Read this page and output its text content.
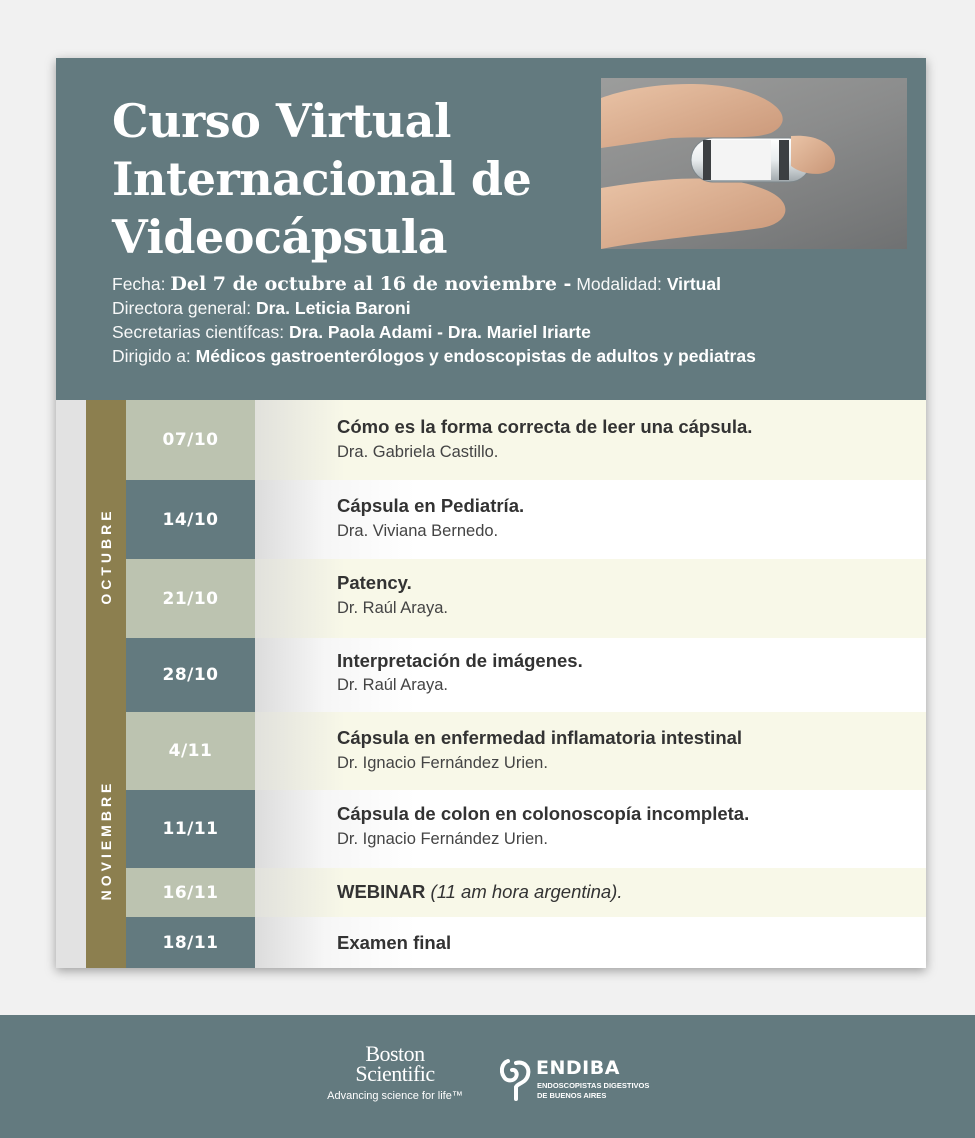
Curso Virtual
Internacional de
Videocápsula
Fecha: Del 7 de octubre al 16 de noviembre - Modalidad: Virtual
Directora general: Dra. Leticia Baroni
Secretarias científcas: Dra. Paola Adami - Dra. Mariel Iriarte
Dirigido a: Médicos gastroenterólogos y endoscopistas de adultos y pediatras
OCTUBRE
NOVIEMBRE
07/10
Cómo es la forma correcta de leer una cápsula.
Dra. Gabriela Castillo.
14/10
Cápsula en Pediatría.
Dra. Viviana Bernedo.
21/10
Patency.
Dr. Raúl Araya.
28/10
Interpretación de imágenes.
Dr. Raúl Araya.
4/11
Cápsula en enfermedad inflamatoria intestinal
Dr. Ignacio Fernández Urien.
11/11
Cápsula de colon en colonoscopía incompleta.
Dr. Ignacio Fernández Urien.
16/11	WEBINAR (11 am hora argentina).
18/11	Examen final
Boston
Scientific
Advancing science for life™
ENDIBA
ENDOSCOPISTAS DIGESTIVOS
DE BUENOS AIRES
